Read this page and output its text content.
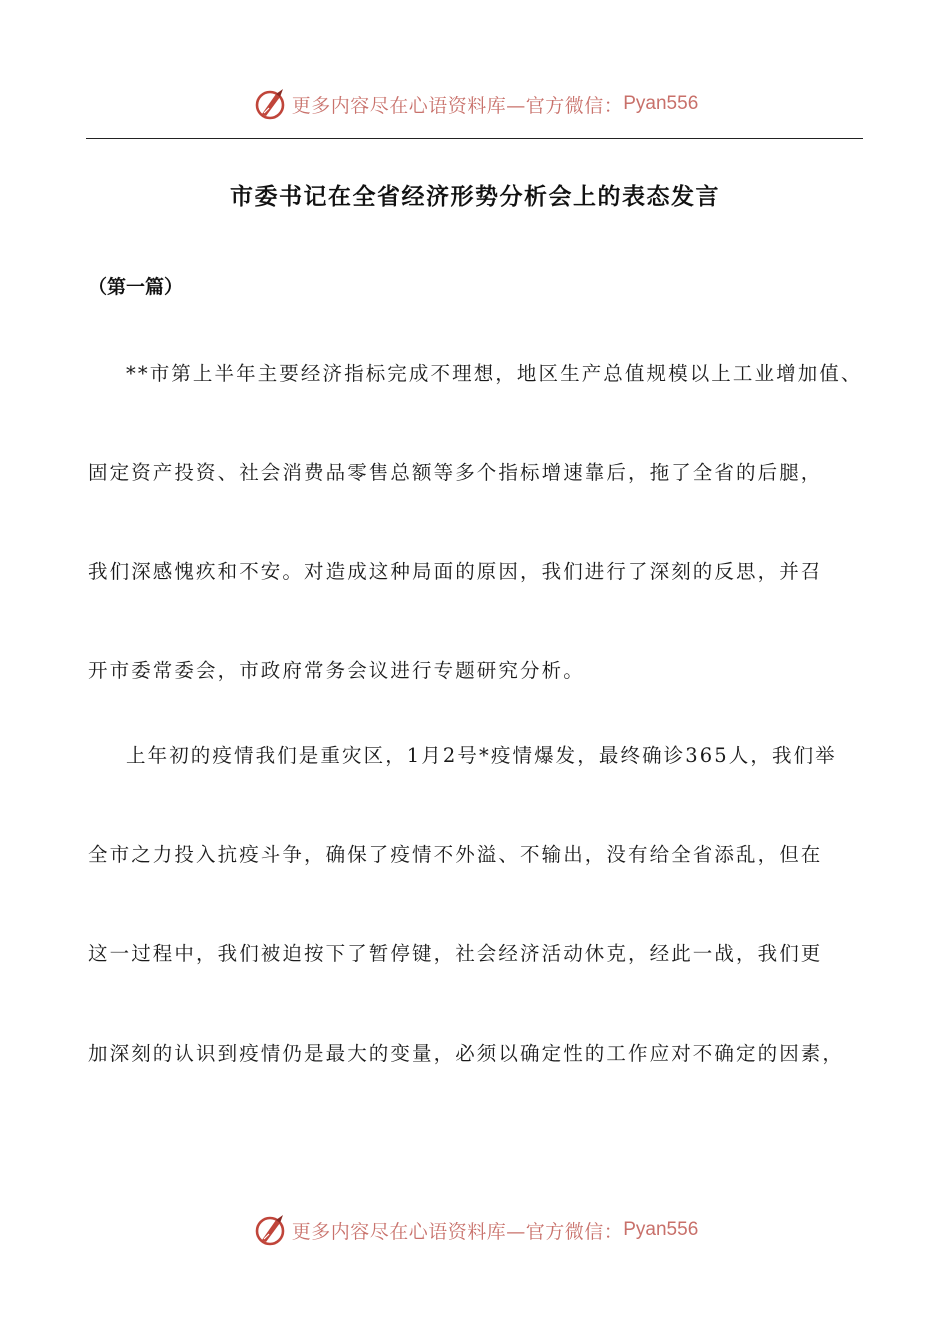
更多内容尽在心语资料库—官方微信： Pyan556
市委书记在全省经济形势分析会上的表态发言
（第一篇）
**市第上半年主要经济指标完成不理想，地区生产总值规模以上工业增加值、
固定资产投资、社会消费品零售总额等多个指标增速靠后，拖了全省的后腿，
我们深感愧疚和不安。对造成这种局面的原因，我们进行了深刻的反思，并召
开市委常委会，市政府常务会议进行专题研究分析。
上年初的疫情我们是重灾区，1月2号*疫情爆发，最终确诊365人，我们举
全市之力投入抗疫斗争，确保了疫情不外溢、不输出，没有给全省添乱，但在
这一过程中，我们被迫按下了暂停键，社会经济活动休克，经此一战，我们更
加深刻的认识到疫情仍是最大的变量，必须以确定性的工作应对不确定的因素，
更多内容尽在心语资料库—官方微信： Pyan556
